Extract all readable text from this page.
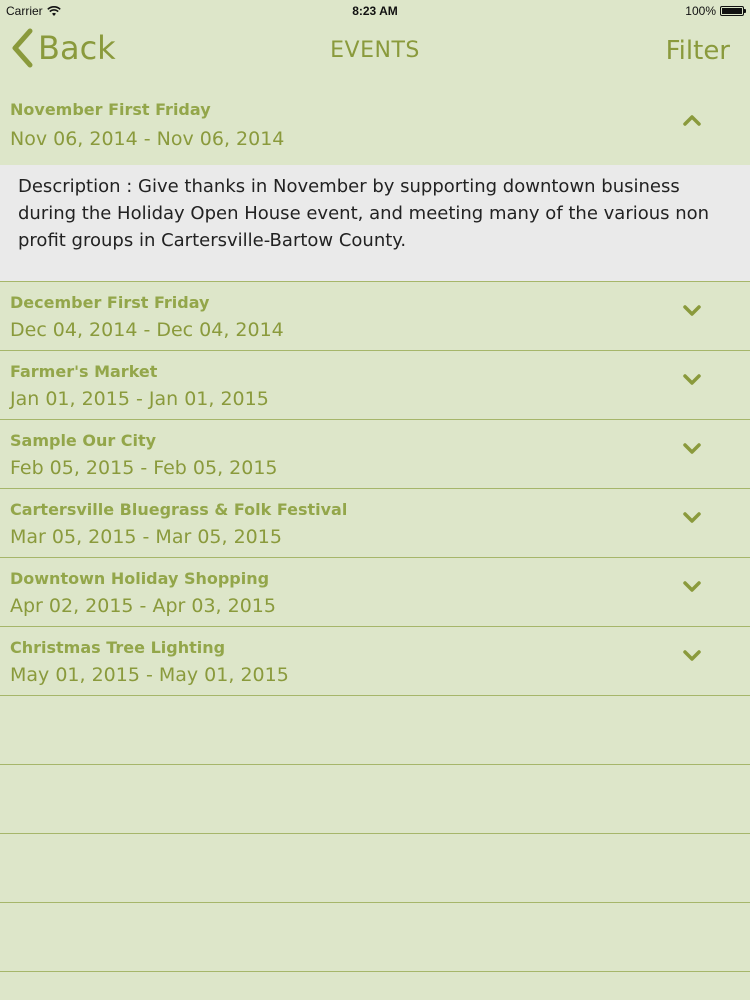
Carrier	8:23 AM	100%
Back	EVENTS	Filter
November First Friday
Nov 06, 2014 - Nov 06, 2014
Description : Give thanks in November by supporting downtown business during the Holiday Open House event, and meeting many of the various non profit groups in Cartersville-Bartow County.
December First Friday
Dec 04, 2014 - Dec 04, 2014
Farmer's Market
Jan 01, 2015 - Jan 01, 2015
Sample Our City
Feb 05, 2015 - Feb 05, 2015
Cartersville Bluegrass & Folk Festival
Mar 05, 2015 - Mar 05, 2015
Downtown Holiday Shopping
Apr 02, 2015 - Apr 03, 2015
Christmas Tree Lighting
May 01, 2015 - May 01, 2015
